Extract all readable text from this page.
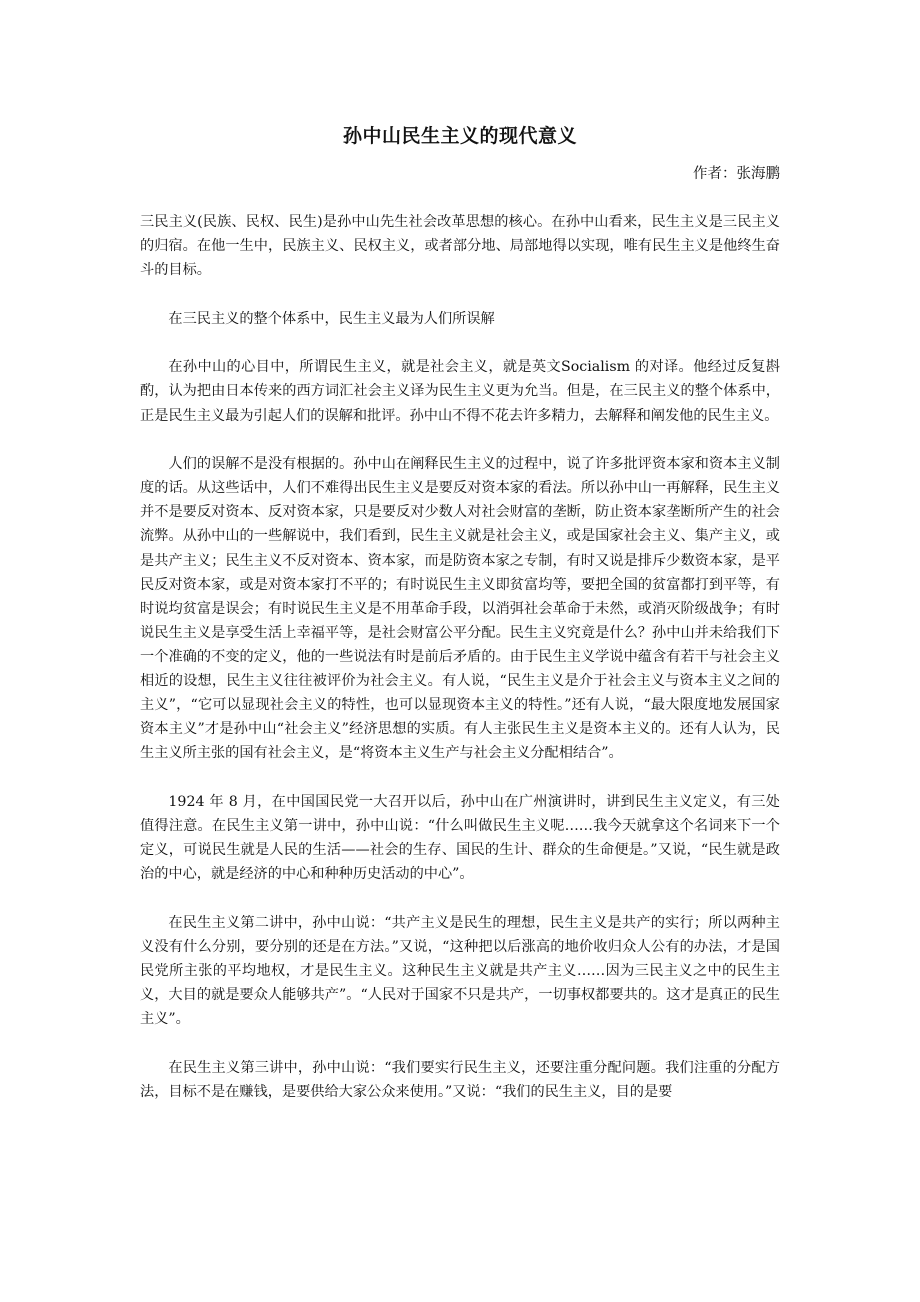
孙中山民生主义的现代意义

作者：张海鹏

三民主义(民族、民权、民生)是孙中山先生社会改革思想的核心。在孙中山看来，民生主义是三民主义的归宿。在他一生中，民族主义、民权主义，或者部分地、局部地得以实现，唯有民生主义是他终生奋斗的目标。

在三民主义的整个体系中，民生主义最为人们所误解

在孙中山的心目中，所谓民生主义，就是社会主义，就是英文Socialism 的对译。他经过反复斟酌，认为把由日本传来的西方词汇社会主义译为民生主义更为允当。但是，在三民主义的整个体系中，正是民生主义最为引起人们的误解和批评。孙中山不得不花去许多精力，去解释和阐发他的民生主义。

人们的误解不是没有根据的。孙中山在阐释民生主义的过程中，说了许多批评资本家和资本主义制度的话。从这些话中，人们不难得出民生主义是要反对资本家的看法。所以孙中山一再解释，民生主义并不是要反对资本、反对资本家，只是要反对少数人对社会财富的垄断，防止资本家垄断所产生的社会流弊。从孙中山的一些解说中，我们看到，民生主义就是社会主义，或是国家社会主义、集产主义，或是共产主义；民生主义不反对资本、资本家，而是防资本家之专制，有时又说是排斥少数资本家，是平民反对资本家，或是对资本家打不平的；有时说民生主义即贫富均等，要把全国的贫富都打到平等，有时说均贫富是误会；有时说民生主义是不用革命手段，以消弭社会革命于未然，或消灭阶级战争；有时说民生主义是享受生活上幸福平等，是社会财富公平分配。民生主义究竟是什么？孙中山并未给我们下一个准确的不变的定义，他的一些说法有时是前后矛盾的。由于民生主义学说中蕴含有若干与社会主义相近的设想，民生主义往往被评价为社会主义。有人说，“民生主义是介于社会主义与资本主义之间的主义”，“它可以显现社会主义的特性，也可以显现资本主义的特性。”还有人说，“最大限度地发展国家资本主义”才是孙中山“社会主义”经济思想的实质。有人主张民生主义是资本主义的。还有人认为，民生主义所主张的国有社会主义，是“将资本主义生产与社会主义分配相结合”。

1924 年 8 月，在中国国民党一大召开以后，孙中山在广州演讲时，讲到民生主义定义，有三处值得注意。在民生主义第一讲中，孙中山说：“什么叫做民生主义呢……我今天就拿这个名词来下一个定义，可说民生就是人民的生活——社会的生存、国民的生计、群众的生命便是。”又说，“民生就是政治的中心，就是经济的中心和种种历史活动的中心”。

在民生主义第二讲中，孙中山说：“共产主义是民生的理想，民生主义是共产的实行；所以两种主义没有什么分别，要分别的还是在方法。”又说，“这种把以后涨高的地价收归众人公有的办法，才是国民党所主张的平均地权，才是民生主义。这种民生主义就是共产主义……因为三民主义之中的民生主义，大目的就是要众人能够共产”。“人民对于国家不只是共产，一切事权都要共的。这才是真正的民生主义”。

在民生主义第三讲中，孙中山说：“我们要实行民生主义，还要注重分配问题。我们注重的分配方法，目标不是在赚钱，是要供给大家公众来使用。”又说：“我们的民生主义，目的是要
